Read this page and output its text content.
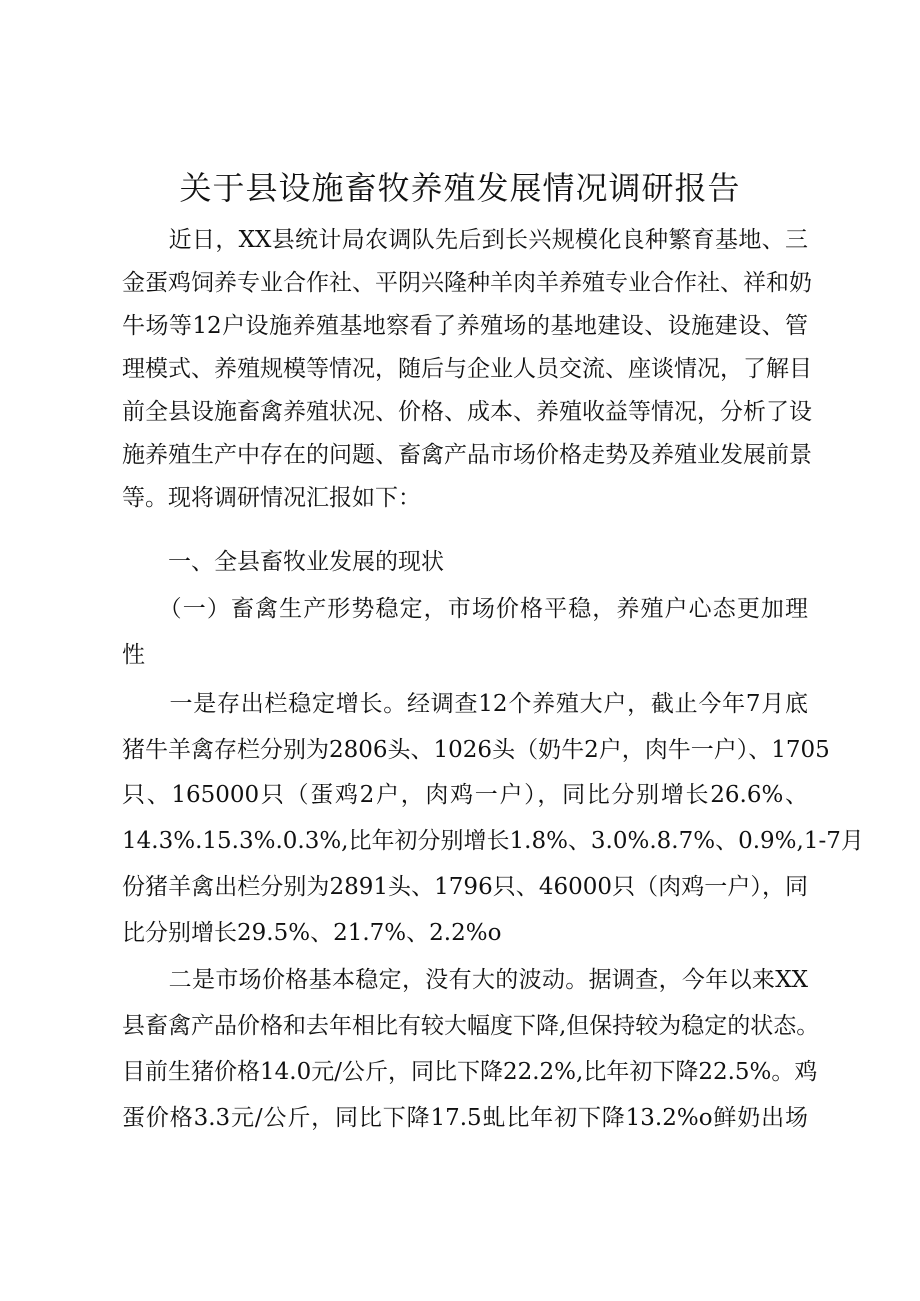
关于县设施畜牧养殖发展情况调研报告
　　近日，XX县统计局农调队先后到长兴规模化良种繁育基地、三
金蛋鸡饲养专业合作社、平阴兴隆种羊肉羊养殖专业合作社、祥和奶
牛场等12户设施养殖基地察看了养殖场的基地建设、设施建设、管
理模式、养殖规模等情况，随后与企业人员交流、座谈情况，了解目
前全县设施畜禽养殖状况、价格、成本、养殖收益等情况，分析了设
施养殖生产中存在的问题、畜禽产品市场价格走势及养殖业发展前景
等。现将调研情况汇报如下：
　　一、全县畜牧业发展的现状
　　（一）畜禽生产形势稳定，市场价格平稳，养殖户心态更加理
性
　　一是存出栏稳定增长。经调查12个养殖大户，截止今年7月底
猪牛羊禽存栏分别为2806头、1026头（奶牛2户，肉牛一户）、1705
只、165000只（蛋鸡2户，肉鸡一户），同比分别增长26.6%、
14.3%.15.3%.0.3%,比年初分别增长1.8%、3.0%.8.7%、0.9%,1-7月
份猪羊禽出栏分别为2891头、1796只、46000只（肉鸡一户），同
比分别增长29.5%、21.7%、2.2%o
　　二是市场价格基本稳定，没有大的波动。据调查，今年以来XX
县畜禽产品价格和去年相比有较大幅度下降,但保持较为稳定的状态。
目前生猪价格14.0元/公斤，同比下降22.2%,比年初下降22.5%。鸡
蛋价格3.3元/公斤，同比下降17.5虬比年初下降13.2%o鲜奶出场
